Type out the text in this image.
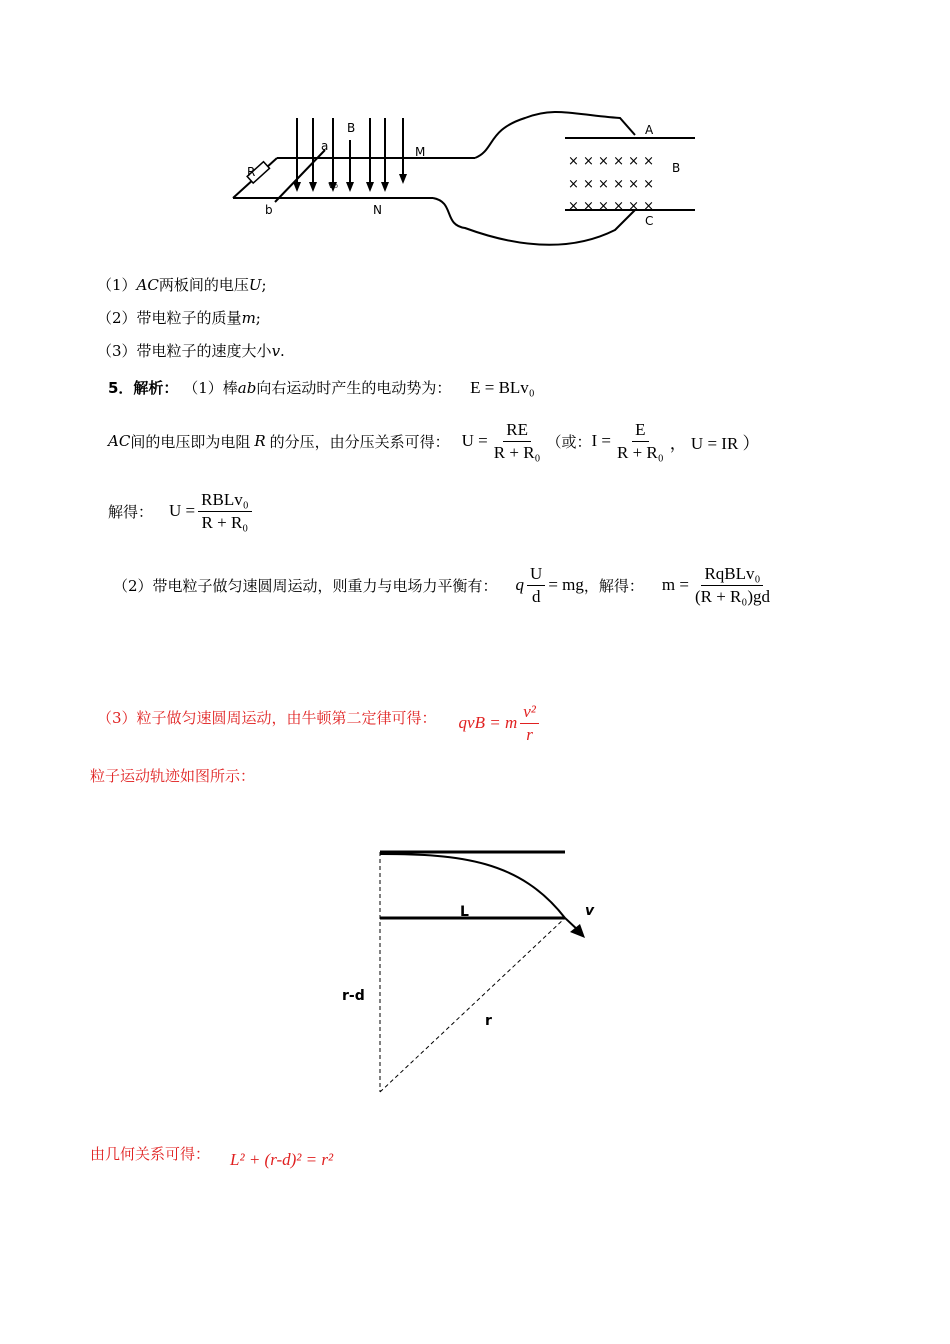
× × × × × ×
× × × × × ×
× × × × × ×
R
a
b
B
M
N
v₀
A
B
C
（1）AC两板间的电压U;
（2）带电粒子的质量m;
（3）带电粒子的速度大小v.
5．解析： （1）棒ab向右运动时产生的电动势为： E = BLv₀
AC 间的电压即为电阻 R 的分压，由分压关系可得： $U = \frac{RE}{\text{R + R₀}}$ （或： $I = \frac{E}{\text{R + R₀}}$ ， U = IR ）
解得： $U = \frac{\text{RBLv₀}}{\text{R + R₀}}$
（2）带电粒子做匀速圆周运动，则重力与电场力平衡有： q $\frac{U}{d}$ = mg ，解得： $m = \frac{\text{RqBLv₀}}{\text{(R + R₀)gd}}$
（3）粒子做匀速圆周运动，由牛顿第二定律可得： qvB = m $\frac{\text{v²}}{r}$
粒子运动轨迹如图所示：
L	v
r-d
r
由几何关系可得： L² + (r-d)² = r²
